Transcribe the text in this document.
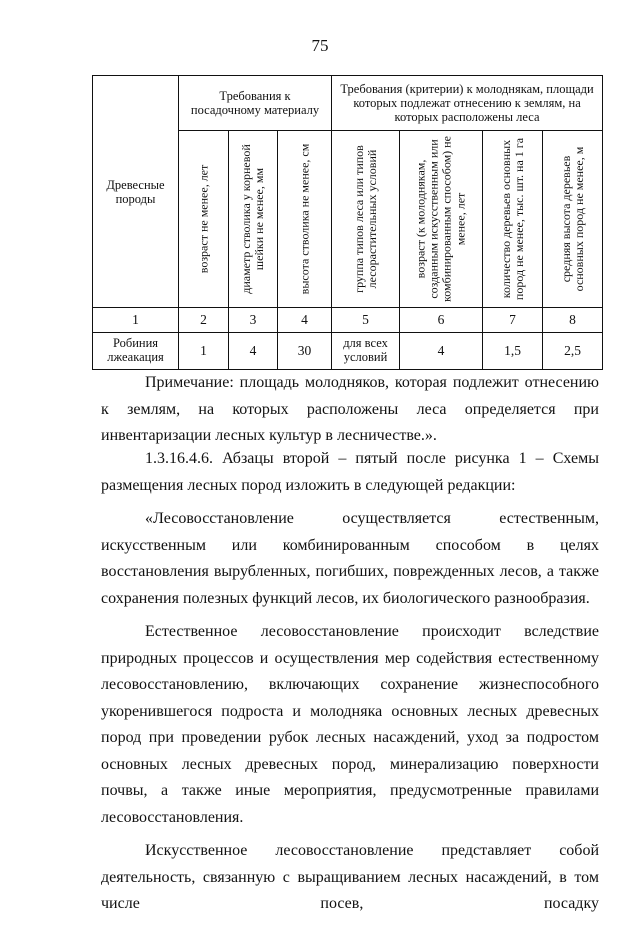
75
Древесные породы	Требования к посадочному материалу			Требования (критерии) к молоднякам, площади которых подлежат отнесению к землям, на которых расположены леса			

	возраст не менее, лет	диаметр стволика у корневой шейки не менее, мм	высота стволика не менее, см	группа типов леса или типов лесорастительных условий	возраст (к молоднякам, созданным искусственным или комбинированным способом) не менее, лет	количество деревьев основных пород не менее, тыс. шт. на 1 га	средняя высота деревьев основных пород не менее, м

1	2	3	4	5	6	7	8
Робиния лжеакация	1	4	30	для всех условий	4	1,5	2,5

Примечание: площадь молодняков, которая подлежит отнесению к землям, на которых расположены леса определяется при инвентаризации лесных культур в лесничестве.».

1.3.16.4.6. Абзацы второй – пятый после рисунка 1 – Схемы размещения лесных пород изложить в следующей редакции:

«Лесовосстановление осуществляется естественным, искусственным или комбинированным способом в целях восстановления вырубленных, погибших, поврежденных лесов, а также сохранения полезных функций лесов, их биологического разнообразия.

Естественное лесовосстановление происходит вследствие природных процессов и осуществления мер содействия естественному лесовосстановлению, включающих сохранение жизнеспособного укоренившегося подроста и молодняка основных лесных древесных пород при проведении рубок лесных насаждений, уход за подростом основных лесных древесных пород, минерализацию поверхности почвы, а также иные мероприятия, предусмотренные правилами лесовосстановления.

Искусственное лесовосстановление представляет собой деятельность, связанную с выращиванием лесных насаждений, в том числе посев, посадку
